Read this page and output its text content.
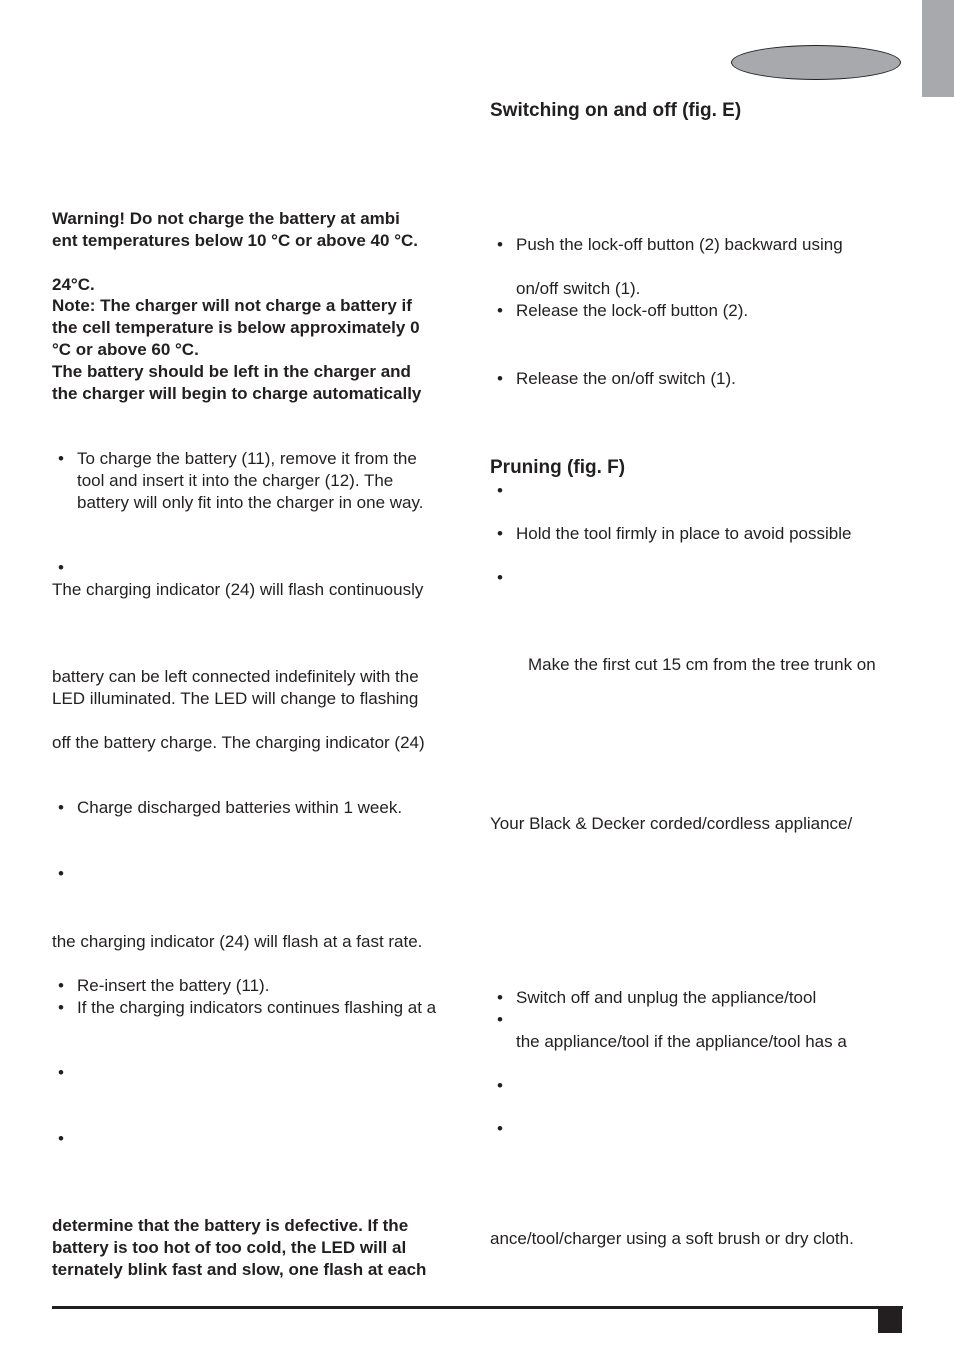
Warning! Do not charge the battery at ambi

ent temperatures below 10 °C or above 40 °C.

24°C.

Note: The charger will not charge a battery if

the cell temperature is below approximately 0

°C or above 60 °C.

The battery should be left in the charger and

the charger will begin to charge automatically

• To charge the battery (11), remove it from the

tool and insert it into the charger (12). The

battery will only fit into the charger in one way.

•

The charging indicator (24) will flash continuously

battery can be left connected indefinitely with the

LED illuminated. The LED will change to flashing

off the battery charge. The charging indicator (24)

• Charge discharged batteries within 1 week.

•

the charging indicator (24) will flash at a fast rate.

• Re-insert the battery (11).

• If the charging indicators continues flashing at a

•
•

determine that the battery is defective. If the

battery is too hot of too cold, the LED will al

ternately blink fast and slow, one flash at each

Switching on and off (fig. E)

• Push the lock-off button (2) backward using

on/off switch (1).

• Release the lock-off button (2).

• Release the on/off switch (1).

Pruning (fig. F)

•
• Hold the tool firmly in place to avoid possible

•

Make the first cut 15 cm from the tree trunk on

Your Black & Decker corded/cordless appliance/

• Switch off and unplug the appliance/tool

•

the appliance/tool if the appliance/tool has a

•
•

ance/tool/charger using a soft brush or dry cloth.
